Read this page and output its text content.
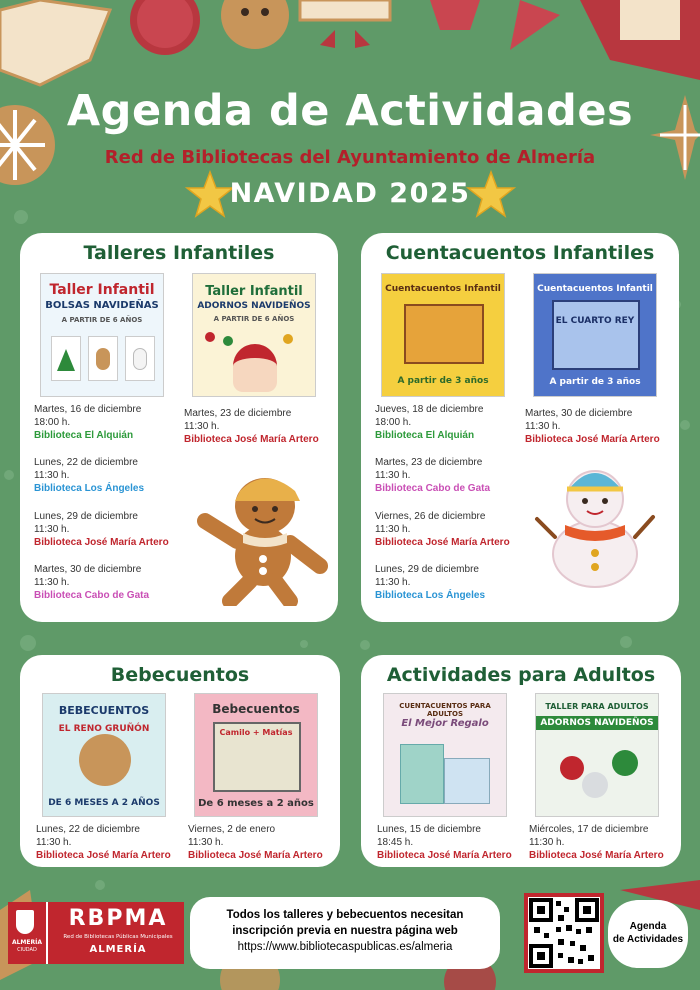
Agenda de Actividades
Red de Bibliotecas del Ayuntamiento de Almería
NAVIDAD 2025
Talleres Infantiles
Taller Infantil
BOLSAS NAVIDEÑAS
A PARTIR DE 6 AÑOS
Taller Infantil
ADORNOS NAVIDEÑOS
A PARTIR DE 6 AÑOS
Martes, 16 de diciembre
18:00 h.
Biblioteca El Alquián
Martes, 23 de diciembre
11:30 h.
Biblioteca José María Artero
Lunes, 22 de diciembre
11:30 h.
Biblioteca Los Ángeles
Lunes, 29 de diciembre
11:30 h.
Biblioteca José María Artero
Martes, 30 de diciembre
11:30 h.
Biblioteca Cabo de Gata
Cuentacuentos Infantiles
Cuentacuentos Infantil
A partir de 3 años
Cuentacuentos Infantil
EL CUARTO REY
A partir de 3 años
Jueves, 18 de diciembre
18:00 h.
Biblioteca El Alquián
Martes, 30 de diciembre
11:30 h.
Biblioteca José María Artero
Martes, 23 de diciembre
11:30 h.
Biblioteca Cabo de Gata
Viernes, 26 de diciembre
11:30 h.
Biblioteca José María Artero
Lunes, 29 de diciembre
11:30 h.
Biblioteca Los Ángeles
Bebecuentos
BEBECUENTOS
EL RENO GRUÑÓN
DE 6 MESES A 2 AÑOS
Bebecuentos
Camilo + Matías
De 6 meses a 2 años
Lunes, 22 de diciembre
11:30 h.
Biblioteca José María Artero
Viernes, 2 de enero
11:30 h.
Biblioteca José María Artero
Actividades para Adultos
CUENTACUENTOS PARA ADULTOS
El Mejor Regalo
TALLER PARA ADULTOS
ADORNOS NAVIDEÑOS
Lunes, 15 de diciembre
18:45 h.
Biblioteca José María Artero
Miércoles, 17 de diciembre
11:30 h.
Biblioteca José María Artero
ALMERÍA
CIUDAD
RBPMA
Red de Bibliotecas Públicas Municipales
ALMERÍA
Todos los talleres y bebecuentos necesitan
inscripción previa en nuestra página web
https://www.bibliotecaspublicas.es/almeria
Agenda
de Actividades
